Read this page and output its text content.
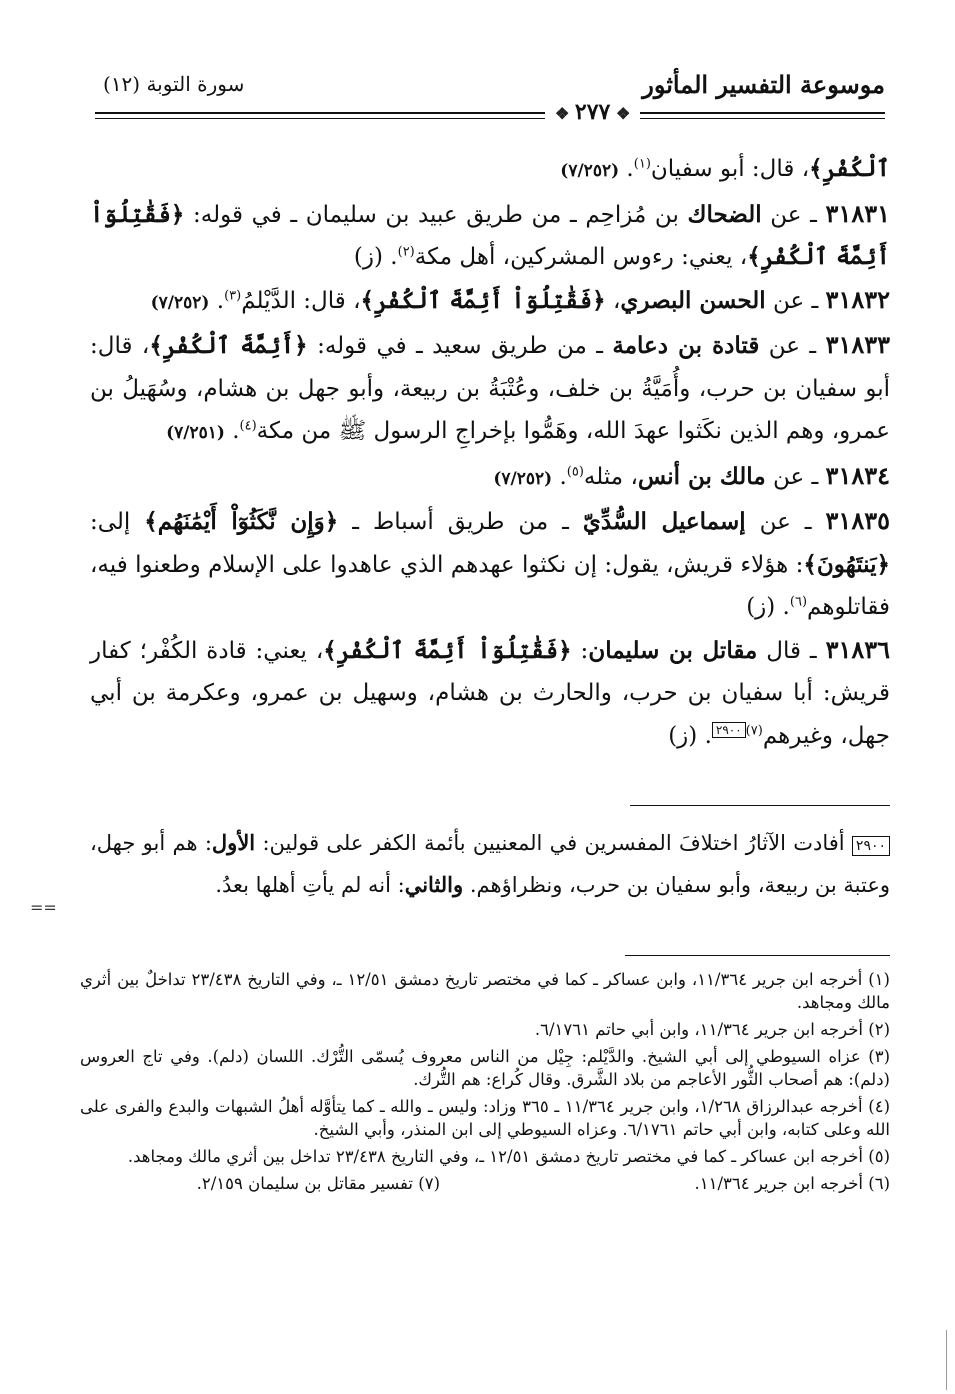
موسوعة التفسير المأثور
سورة التوبة (١٢)
❖ ٢٧٧ ❖

ٱلْكُفْرِ﴾، قال: أبو سفيان$^{(١)}$. (٧/٢٥٢)

٣١٨٣١ ـ عن الضحاك بن مُزاحِم ـ من طريق عبيد بن سليمان ـ في قوله: ﴿فَقَٰتِلُوٓاْ أَئِمَّةَ ٱلْكُفْرِ﴾، يعني: رءوس المشركين، أهل مكة$^{(٢)}$. (ز)

٣١٨٣٢ ـ عن الحسن البصري، ﴿فَقَٰتِلُوٓاْ أَئِمَّةَ ٱلْكُفْرِ﴾، قال: الدَّيْلمُ$^{(٣)}$. (٧/٢٥٢)

٣١٨٣٣ ـ عن قتادة بن دعامة ـ من طريق سعيد ـ في قوله: ﴿أَئِمَّةَ ٱلْكُفْرِ﴾، قال: أبو سفيان بن حرب، وأُمَيَّةُ بن خلف، وعُتْبَةُ بن ربيعة، وأبو جهل بن هشام، وسُهَيلُ بن عمرو، وهم الذين نكَثوا عهدَ الله، وهَمُّوا بإخراجِ الرسول ﷺ من مكة$^{(٤)}$. (٧/٢٥١)

٣١٨٣٤ ـ عن مالك بن أنس، مثله$^{(٥)}$. (٧/٢٥٢)

٣١٨٣٥ ـ عن إسماعيل السُّدِّيّ ـ من طريق أسباط ـ ﴿وَإِن نَّكَثُوٓاْ أَيْمَٰنَهُم﴾ إلى: ﴿يَنتَهُونَ﴾: هؤلاء قريش، يقول: إن نكثوا عهدهم الذي عاهدوا على الإسلام وطعنوا فيه، فقاتلوهم$^{(٦)}$. (ز)

٣١٨٣٦ ـ قال مقاتل بن سليمان: ﴿فَقَٰتِلُوٓاْ أَئِمَّةَ ٱلْكُفْرِ﴾، يعني: قادة الكُفْر؛ كفار قريش: أبا سفيان بن حرب، والحارث بن هشام، وسهيل بن عمرو، وعكرمة بن أبي جهل، وغيرهم$^{(٧)}$٢٩٠٠. (ز)

٢٩٠٠ أفادت الآثارُ اختلافَ المفسرين في المعنيين بأئمة الكفر على قولين: الأول: هم أبو جهل، وعتبة بن ربيعة، وأبو سفيان بن حرب، ونظراؤهم. والثاني: أنه لم يأتِ أهلها بعدُ.
==

(١) أخرجه ابن جرير ١١/٣٦٤، وابن عساكر ـ كما في مختصر تاريخ دمشق ١٢/٥١ ـ، وفي التاريخ ٢٣/٤٣٨ تداخلٌ بين أثري مالك ومجاهد.

(٢) أخرجه ابن جرير ١١/٣٦٤، وابن أبي حاتم ٦/١٧٦١.

(٣) عزاه السيوطي إلى أبي الشيخ. والدَّيْلم: جِيْل من الناس معروف يُسمّى التُّرْك. اللسان (دلم). وفي تاج العروس (دلم): هم أصحاب الثُّور الأعاجم من بلاد الشَّرق. وقال كُراع: هم التُّرك.

(٤) أخرجه عبدالرزاق ١/٢٦٨، وابن جرير ١١/٣٦٤ ـ ٣٦٥ وزاد: وليس ـ والله ـ كما يتأوَّله أهلُ الشبهات والبدع والفرى على الله وعلى كتابه، وابن أبي حاتم ٦/١٧٦١. وعزاه السيوطي إلى ابن المنذر، وأبي الشيخ.

(٥) أخرجه ابن عساكر ـ كما في مختصر تاريخ دمشق ١٢/٥١ ـ، وفي التاريخ ٢٣/٤٣٨ تداخل بين أثري مالك ومجاهد.

(٦) أخرجه ابن جرير ١١/٣٦٤.
(٧) تفسير مقاتل بن سليمان ٢/١٥٩.
